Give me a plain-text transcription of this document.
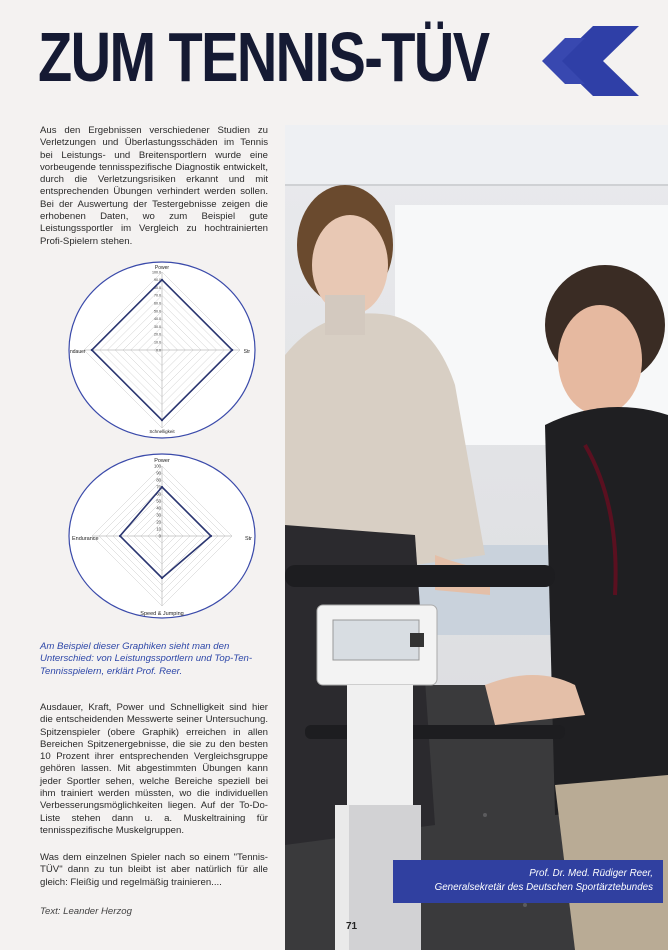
ZUM TENNIS-TÜV

Aus den Ergebnissen verschiedener Studien zu Verletzungen und Überlastungsschäden im Tennis bei Leistungs- und Breitensportlern wurde eine vorbeugende tennisspezifische Diagnostik entwickelt, durch die Verletzungsrisiken erkannt und mit entsprechenden Übungen verhindert werden sollen. Bei der Auswertung der Testergebnisse zeigen die erhobenen Daten, wo zum Beispiel gute Leistungssportler im Vergleich zu hochtrainierten Profi-Spielern stehen.

Power
Str
Schnelligkeit
ndauer	0.0
10.0
20.0
30.0
40.0
50.0
60.0
70.0
80.0
90.0
100.0
Power
Str
Speed & Jumping
Endurance
0
10
20
30
40
50
60
70
80
90
100

Am Beispiel dieser Graphiken sieht man den Unterschied: von Leistungssportlern und Top-Ten-Tennisspielern, erklärt Prof. Reer.

Ausdauer, Kraft, Power und Schnelligkeit sind hier die entscheidenden Messwerte seiner Untersuchung. Spitzenspieler (obere Graphik) erreichen in allen Bereichen Spitzenergebnisse, die sie zu den besten 10 Prozent ihrer entsprechenden Vergleichsgruppe gehören lassen. Mit abgestimmten Übungen kann jeder Sportler sehen, welche Bereiche speziell bei ihm trainiert werden müssten, wo die individuellen Verbesserungsmöglichkeiten liegen. Auf der To-Do-Liste stehen dann u. a. Muskeltraining für tennisspezifische Muskelgruppen.

Was dem einzelnen Spieler nach so einem "Tennis-TÜV" dann zu tun bleibt ist aber natürlich für alle gleich: Fleißig und regelmäßig trainieren....

Text: Leander Herzog

Prof. Dr. Med. Rüdiger Reer,

Generalsekretär des Deutschen Sportärztebundes

71
